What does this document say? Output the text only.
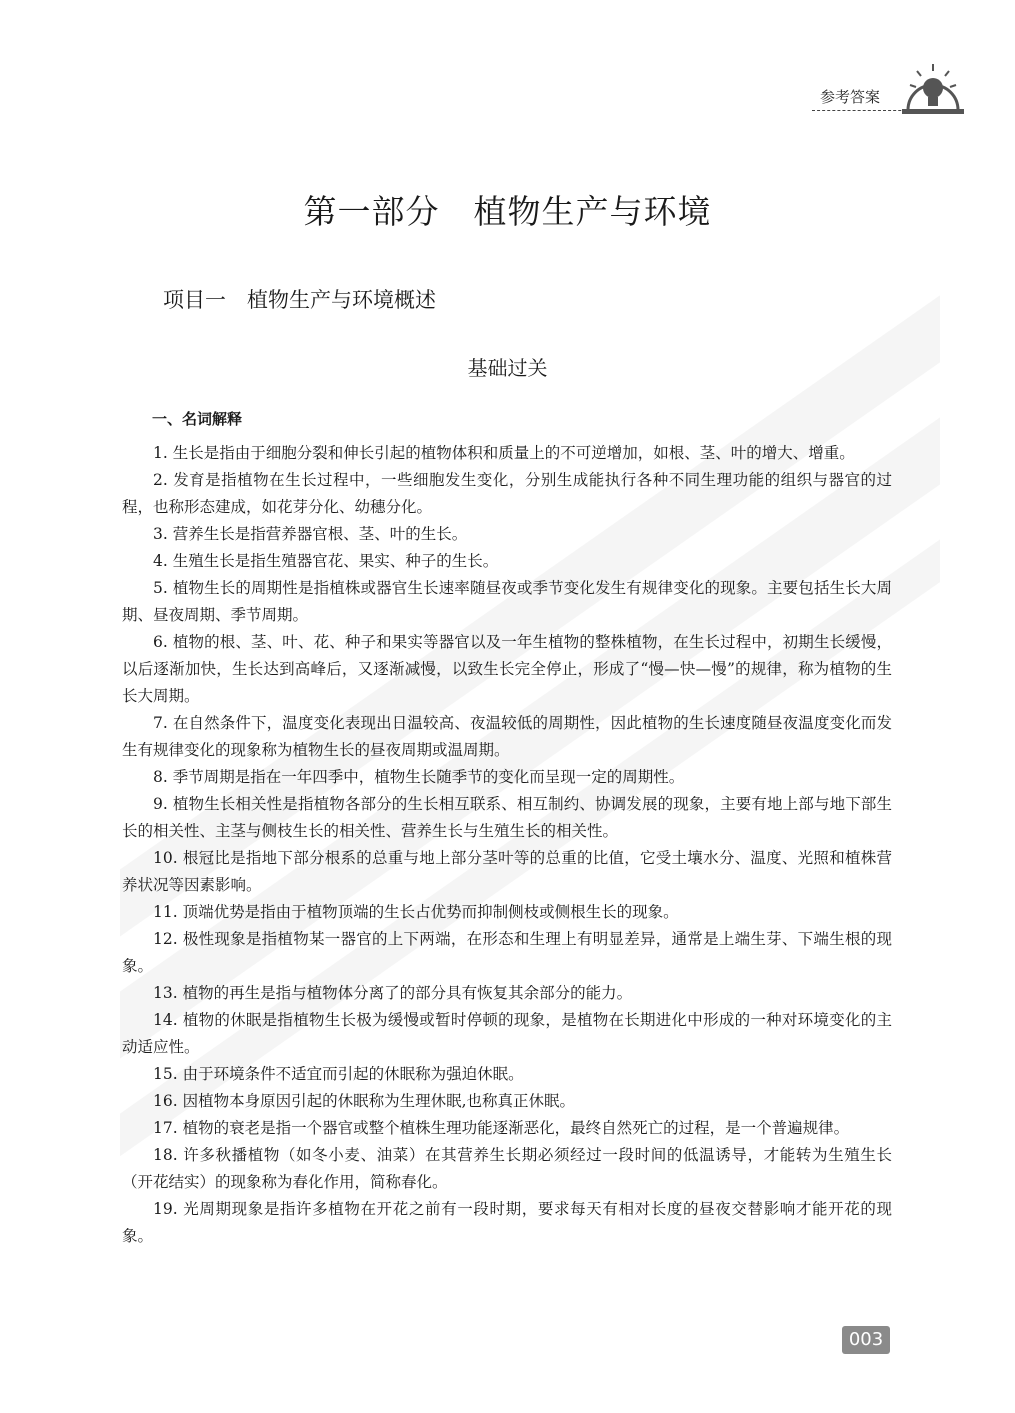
参考答案
第一部分　植物生产与环境
项目一　植物生产与环境概述
基础过关
一、名词解释

1. 生长是指由于细胞分裂和伸长引起的植物体积和质量上的不可逆增加，如根、茎、叶的增大、增重。

2. 发育是指植物在生长过程中，一些细胞发生变化，分别生成能执行各种不同生理功能的组织与器官的过程，也称形态建成，如花芽分化、幼穗分化。

3. 营养生长是指营养器官根、茎、叶的生长。

4. 生殖生长是指生殖器官花、果实、种子的生长。

5. 植物生长的周期性是指植株或器官生长速率随昼夜或季节变化发生有规律变化的现象。主要包括生长大周期、昼夜周期、季节周期。

6. 植物的根、茎、叶、花、种子和果实等器官以及一年生植物的整株植物，在生长过程中，初期生长缓慢，以后逐渐加快，生长达到高峰后，又逐渐减慢，以致生长完全停止，形成了“慢—快—慢”的规律，称为植物的生长大周期。

7. 在自然条件下，温度变化表现出日温较高、夜温较低的周期性，因此植物的生长速度随昼夜温度变化而发生有规律变化的现象称为植物生长的昼夜周期或温周期。

8. 季节周期是指在一年四季中，植物生长随季节的变化而呈现一定的周期性。

9. 植物生长相关性是指植物各部分的生长相互联系、相互制约、协调发展的现象，主要有地上部与地下部生长的相关性、主茎与侧枝生长的相关性、营养生长与生殖生长的相关性。

10. 根冠比是指地下部分根系的总重与地上部分茎叶等的总重的比值，它受土壤水分、温度、光照和植株营养状况等因素影响。

11. 顶端优势是指由于植物顶端的生长占优势而抑制侧枝或侧根生长的现象。

12. 极性现象是指植物某一器官的上下两端，在形态和生理上有明显差异，通常是上端生芽、下端生根的现象。

13. 植物的再生是指与植物体分离了的部分具有恢复其余部分的能力。

14. 植物的休眠是指植物生长极为缓慢或暂时停顿的现象，是植物在长期进化中形成的一种对环境变化的主动适应性。

15. 由于环境条件不适宜而引起的休眠称为强迫休眠。

16. 因植物本身原因引起的休眠称为生理休眠,也称真正休眠。

17. 植物的衰老是指一个器官或整个植株生理功能逐渐恶化，最终自然死亡的过程，是一个普遍规律。

18. 许多秋播植物（如冬小麦、油菜）在其营养生长期必须经过一段时间的低温诱导，才能转为生殖生长（开花结实）的现象称为春化作用，简称春化。

19. 光周期现象是指许多植物在开花之前有一段时期，要求每天有相对长度的昼夜交替影响才能开花的现象。

003
